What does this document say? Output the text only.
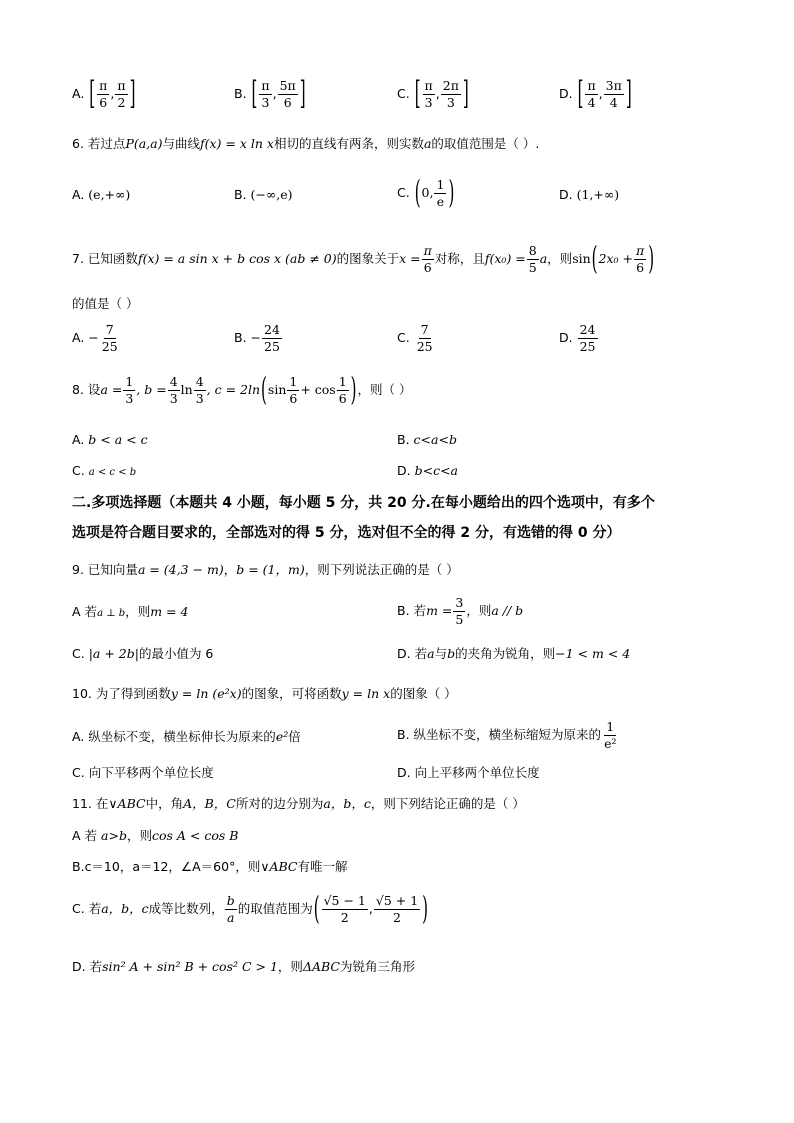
A. [ $\frac{\pi}{6}$ , $\frac{\pi}{2}$ ]	B. [ $\frac{\pi}{3}$ , $\frac{5\pi}{6}$ ]	C. [ $\frac{\pi}{3}$ , $\frac{2\pi}{3}$ ]	D. [ $\frac{\pi}{4}$ , $\frac{3\pi}{4}$ ]
6. 若过点P(a,a)与曲线f(x) = x ln x相切的直线有两条，则实数a的取值范围是（ ）.
A. (e,+∞)	B. (−∞,e)	C. (0, $\frac{1}{e}$ )	D. (1,+∞)
7. 已知函数f(x) = a sin x + b cos x (ab ≠ 0)的图象关于$x = \frac{\pi}{6}$ 对称，且$f(x_0) = \frac{8}{5}$ a，则$\sin(2x_0 + \frac{\pi}{6}$ )
的值是（ ）
A. − $\frac{7}{25}$	B. − $\frac{24}{25}$	C. $\frac{7}{25}$	D. $\frac{24}{25}$
8. 设$a = \frac{1}{3}$ , $b = \frac{4}{3}$ $\ln \frac{4}{3}$ , $c = 2\ln(\sin \frac{1}{6} + \cos \frac{1}{6}$ )，则（ ）
A. b < a < c	B. c<a<b
C. a < c < b	D. b<c<a
二.多项选择题（本题共 4 小题，每小题 5 分，共 20 分.在每小题给出的四个选项中，有多个
选项是符合题目要求的，全部选对的得 5 分，选对但不全的得 2 分，有选错的得 0 分）
9. 已知向量a = (4,3 − m)，b = (1，m)，则下列说法正确的是（ ）
A 若a ⊥ b，则m = 4	B. 若$m = \frac{3}{5}$ ，则a // b
C. |a + 2b|的最小值为 6	D. 若a与b的夹角为锐角，则−1 < m < 4
10. 为了得到函数y = ln (e²x)的图象，可将函数y = ln x的图象（ ）
A. 纵坐标不变，横坐标伸长为原来的e²倍	B. 纵坐标不变，横坐标缩短为原来的 $\frac{1}{\text{e²}}$
C. 向下平移两个单位长度	D. 向上平移两个单位长度
11. 在∨ABC中，角A，B，C所对的边分别为a，b，c，则下列结论正确的是（ ）
A 若 a>b，则cos A < cos B
B.c＝10，a＝12，∠A＝60°，则∨ABC有唯一解
C. 若a，b，c成等比数列， $\frac{b}{a}$ 的取值范围为( $\frac{√5 - 1}{2}$ , $\frac{√5 + 1}{2}$ )
D. 若sin² A + sin² B + cos² C > 1，则ΔABC为锐角三角形
